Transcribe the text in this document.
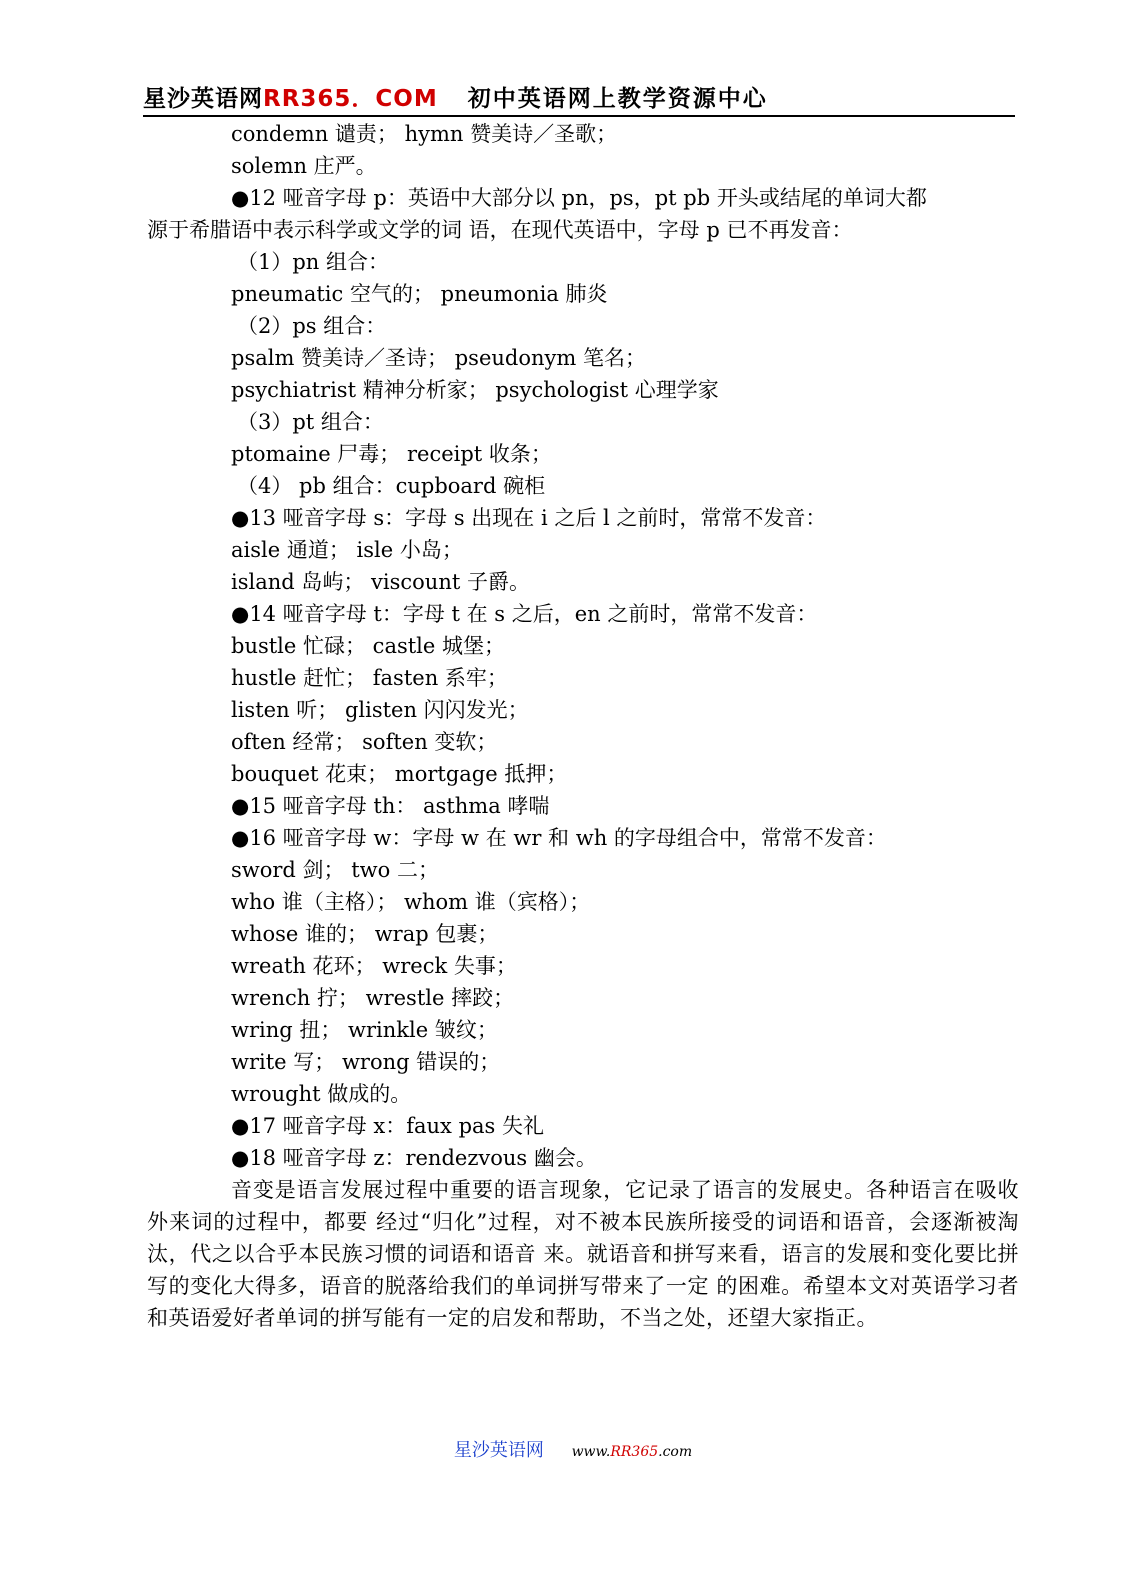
星沙英语网RR365．COM 初中英语网上教学资源中心
condemn 谴责； hymn 赞美诗／圣歌；
solemn 庄严。
●12 哑音字母 p：英语中大部分以 pn，ps，pt pb 开头或结尾的单词大都
源于希腊语中表示科学或文学的词 语，在现代英语中，字母 p 已不再发音：
（1）pn 组合：
pneumatic 空气的； pneumonia 肺炎
（2）ps 组合：
psalm 赞美诗／圣诗； pseudonym 笔名；
psychiatrist 精神分析家； psychologist 心理学家
（3）pt 组合：
ptomaine 尸毒； receipt 收条；
（4） pb 组合：cupboard 碗柜
●13 哑音字母 s：字母 s 出现在 i 之后 l 之前时，常常不发音：
aisle 通道； isle 小岛；
island 岛屿； viscount 子爵。
●14 哑音字母 t：字母 t 在 s 之后，en 之前时，常常不发音：
bustle 忙碌； castle 城堡；
hustle 赶忙； fasten 系牢；
listen 听； glisten 闪闪发光；
often 经常； soften 变软；
bouquet 花束； mortgage 抵押；
●15 哑音字母 th： asthma 哮喘
●16 哑音字母 w：字母 w 在 wr 和 wh 的字母组合中，常常不发音：
sword 剑； two 二；
who 谁（主格）； whom 谁（宾格）；
whose 谁的； wrap 包裹；
wreath 花环； wreck 失事；
wrench 拧； wrestle 摔跤；
wring 扭； wrinkle 皱纹；
write 写； wrong 错误的；
wrought 做成的。
●17 哑音字母 x：faux pas 失礼
●18 哑音字母 z：rendezvous 幽会。

音变是语言发展过程中重要的语言现象，它记录了语言的发展史。各种语言在吸收外来词的过程中，都要 经过“归化”过程，对不被本民族所接受的词语和语音，会逐渐被淘汰，代之以合乎本民族习惯的词语和语音 来。就语音和拼写来看，语言的发展和变化要比拼写的变化大得多，语音的脱落给我们的单词拼写带来了一定 的困难。希望本文对英语学习者和英语爱好者单词的拼写能有一定的启发和帮助，不当之处，还望大家指正。

星沙英语网 www.RR365.com
